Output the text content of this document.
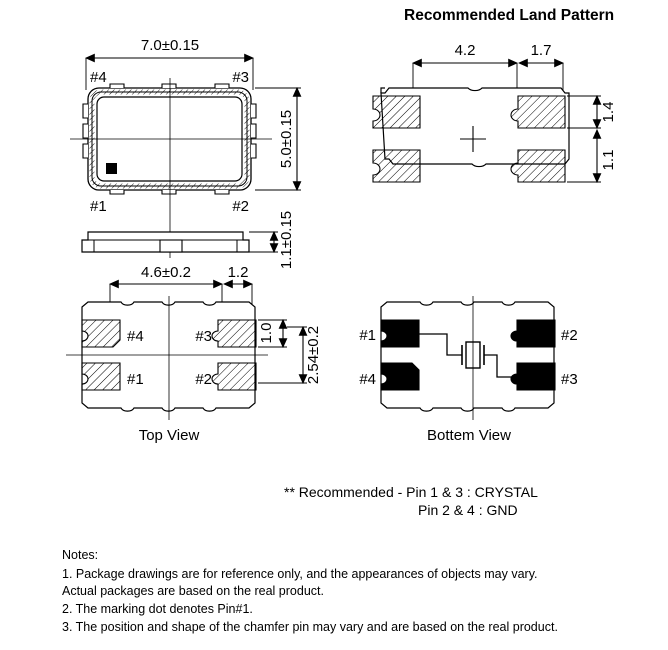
7.0±0.15
#4	#3
#1	#2
5.0±0.15
1.1±0.15
Recommended Land Pattern
4.2	1.7
1.4
1.1
4.6±0.2 1.2
#4	#3
#1	#2
1.0 2.54±0.2
Top View
#1	#2
#4	#3
Bottem View
** Recommended - Pin 1 & 3 : CRYSTAL
Pin 2 & 4 : GND
Notes:
1. Package drawings are for reference only, and the appearances of objects may vary.
Actual packages are based on the real product.
2. The marking dot denotes Pin#1.
3. The position and shape of the chamfer pin may vary and are based on the real product.
